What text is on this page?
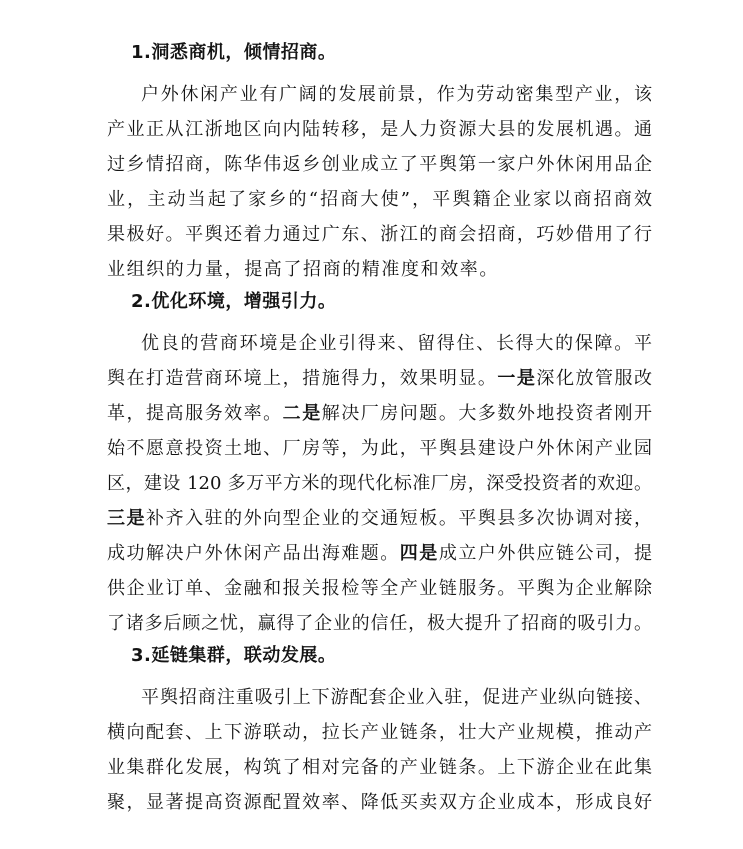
1.洞悉商机，倾情招商。
户外休闲产业有广阔的发展前景，作为劳动密集型产业，该
产业正从江浙地区向内陆转移，是人力资源大县的发展机遇。通
过乡情招商，陈华伟返乡创业成立了平舆第一家户外休闲用品企
业，主动当起了家乡的“招商大使”，平舆籍企业家以商招商效
果极好。平舆还着力通过广东、浙江的商会招商，巧妙借用了行
业组织的力量，提高了招商的精准度和效率。
2.优化环境，增强引力。
优良的营商环境是企业引得来、留得住、长得大的保障。平
舆在打造营商环境上，措施得力，效果明显。一是深化放管服改
革，提高服务效率。二是解决厂房问题。大多数外地投资者刚开
始不愿意投资土地、厂房等，为此，平舆县建设户外休闲产业园
区，建设 120 多万平方米的现代化标准厂房，深受投资者的欢迎。
三是补齐入驻的外向型企业的交通短板。平舆县多次协调对接，
成功解决户外休闲产品出海难题。四是成立户外供应链公司，提
供企业订单、金融和报关报检等全产业链服务。平舆为企业解除
了诸多后顾之忧，赢得了企业的信任，极大提升了招商的吸引力。
3.延链集群，联动发展。
平舆招商注重吸引上下游配套企业入驻，促进产业纵向链接、
横向配套、上下游联动，拉长产业链条，壮大产业规模，推动产
业集群化发展，构筑了相对完备的产业链条。上下游企业在此集
聚，显著提高资源配置效率、降低买卖双方企业成本，形成良好
